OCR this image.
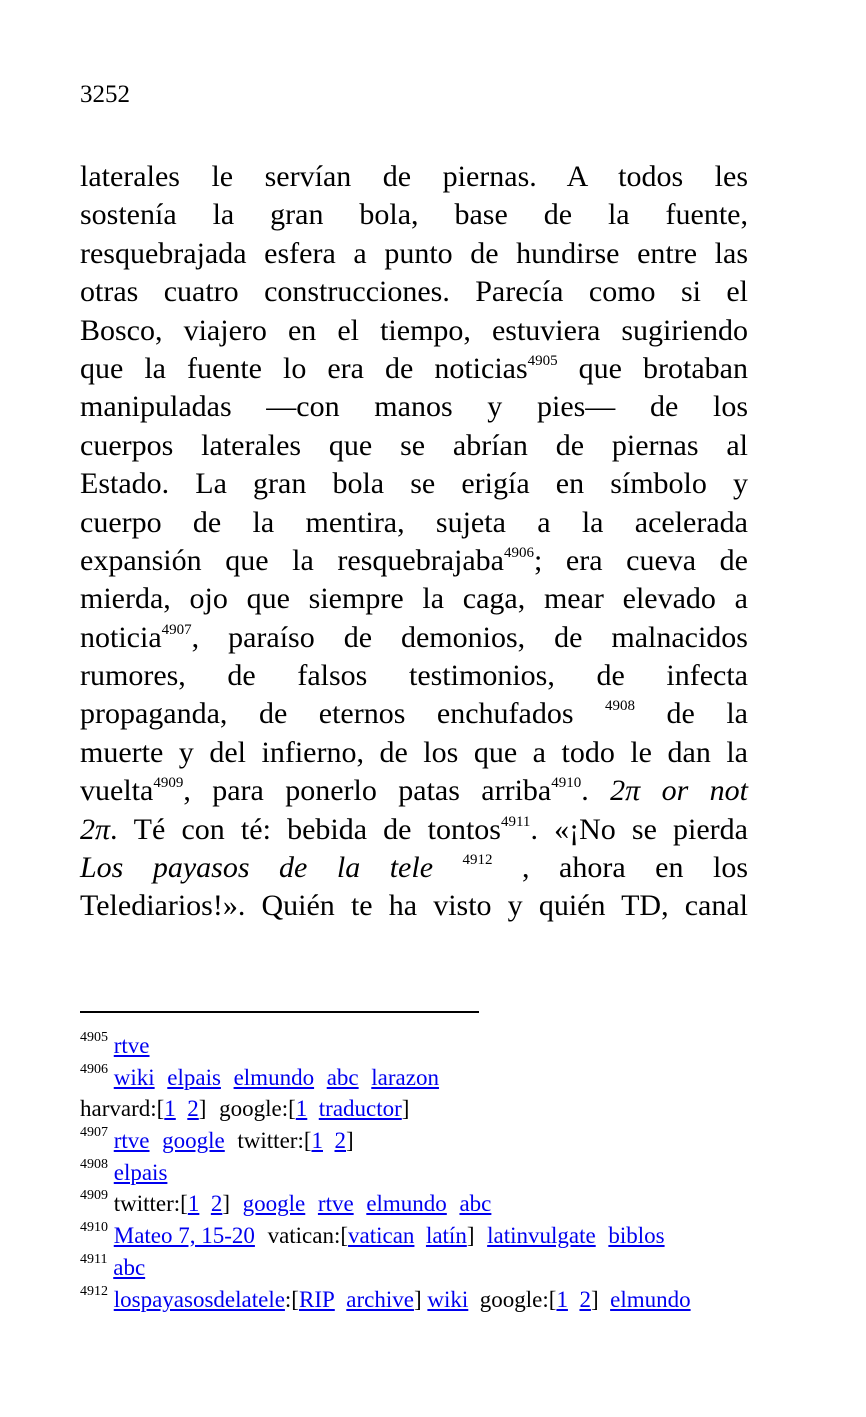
3252
laterales le servían de piernas. A todos les
sostenía la gran bola, base de la fuente,
resquebrajada esfera a punto de hundirse entre las
otras cuatro construcciones. Parecía como si el
Bosco, viajero en el tiempo, estuviera sugiriendo
que la fuente lo era de noticias$^{4905}$ que brotaban
manipuladas —con manos y pies— de los
cuerpos laterales que se abrían de piernas al
Estado. La gran bola se erigía en símbolo y
cuerpo de la mentira, sujeta a la acelerada
expansión que la resquebrajaba$^{4906}$; era cueva de
mierda, ojo que siempre la caga, mear elevado a
noticia$^{4907}$, paraíso de demonios, de malnacidos
rumores, de falsos testimonios, de infecta
propaganda, de eternos enchufados $^{4908}$ de la
muerte y del infierno, de los que a todo le dan la
vuelta$^{4909}$, para ponerlo patas arriba$^{4910}$. 2π or not
2π. Té con té: bebida de tontos$^{4911}$. «¡No se pierda
Los payasos de la tele $^{4912}$ , ahora en los
Telediarios!». Quién te ha visto y quién TD, canal
$^{4905}$ rtve
$^{4906}$ wiki elpais elmundo abc larazon
harvard:[1 2] google:[1 traductor]
$^{4907}$ rtve google twitter:[1 2]
$^{4908}$ elpais
$^{4909}$ twitter:[1 2] google rtve elmundo abc
$^{4910}$ Mateo 7, 15-20 vatican:[vatican latín] latinvulgate biblos
$^{4911}$ abc
$^{4912}$ lospayasosdelatele:[RIP archive] wiki google:[1 2] elmundo
